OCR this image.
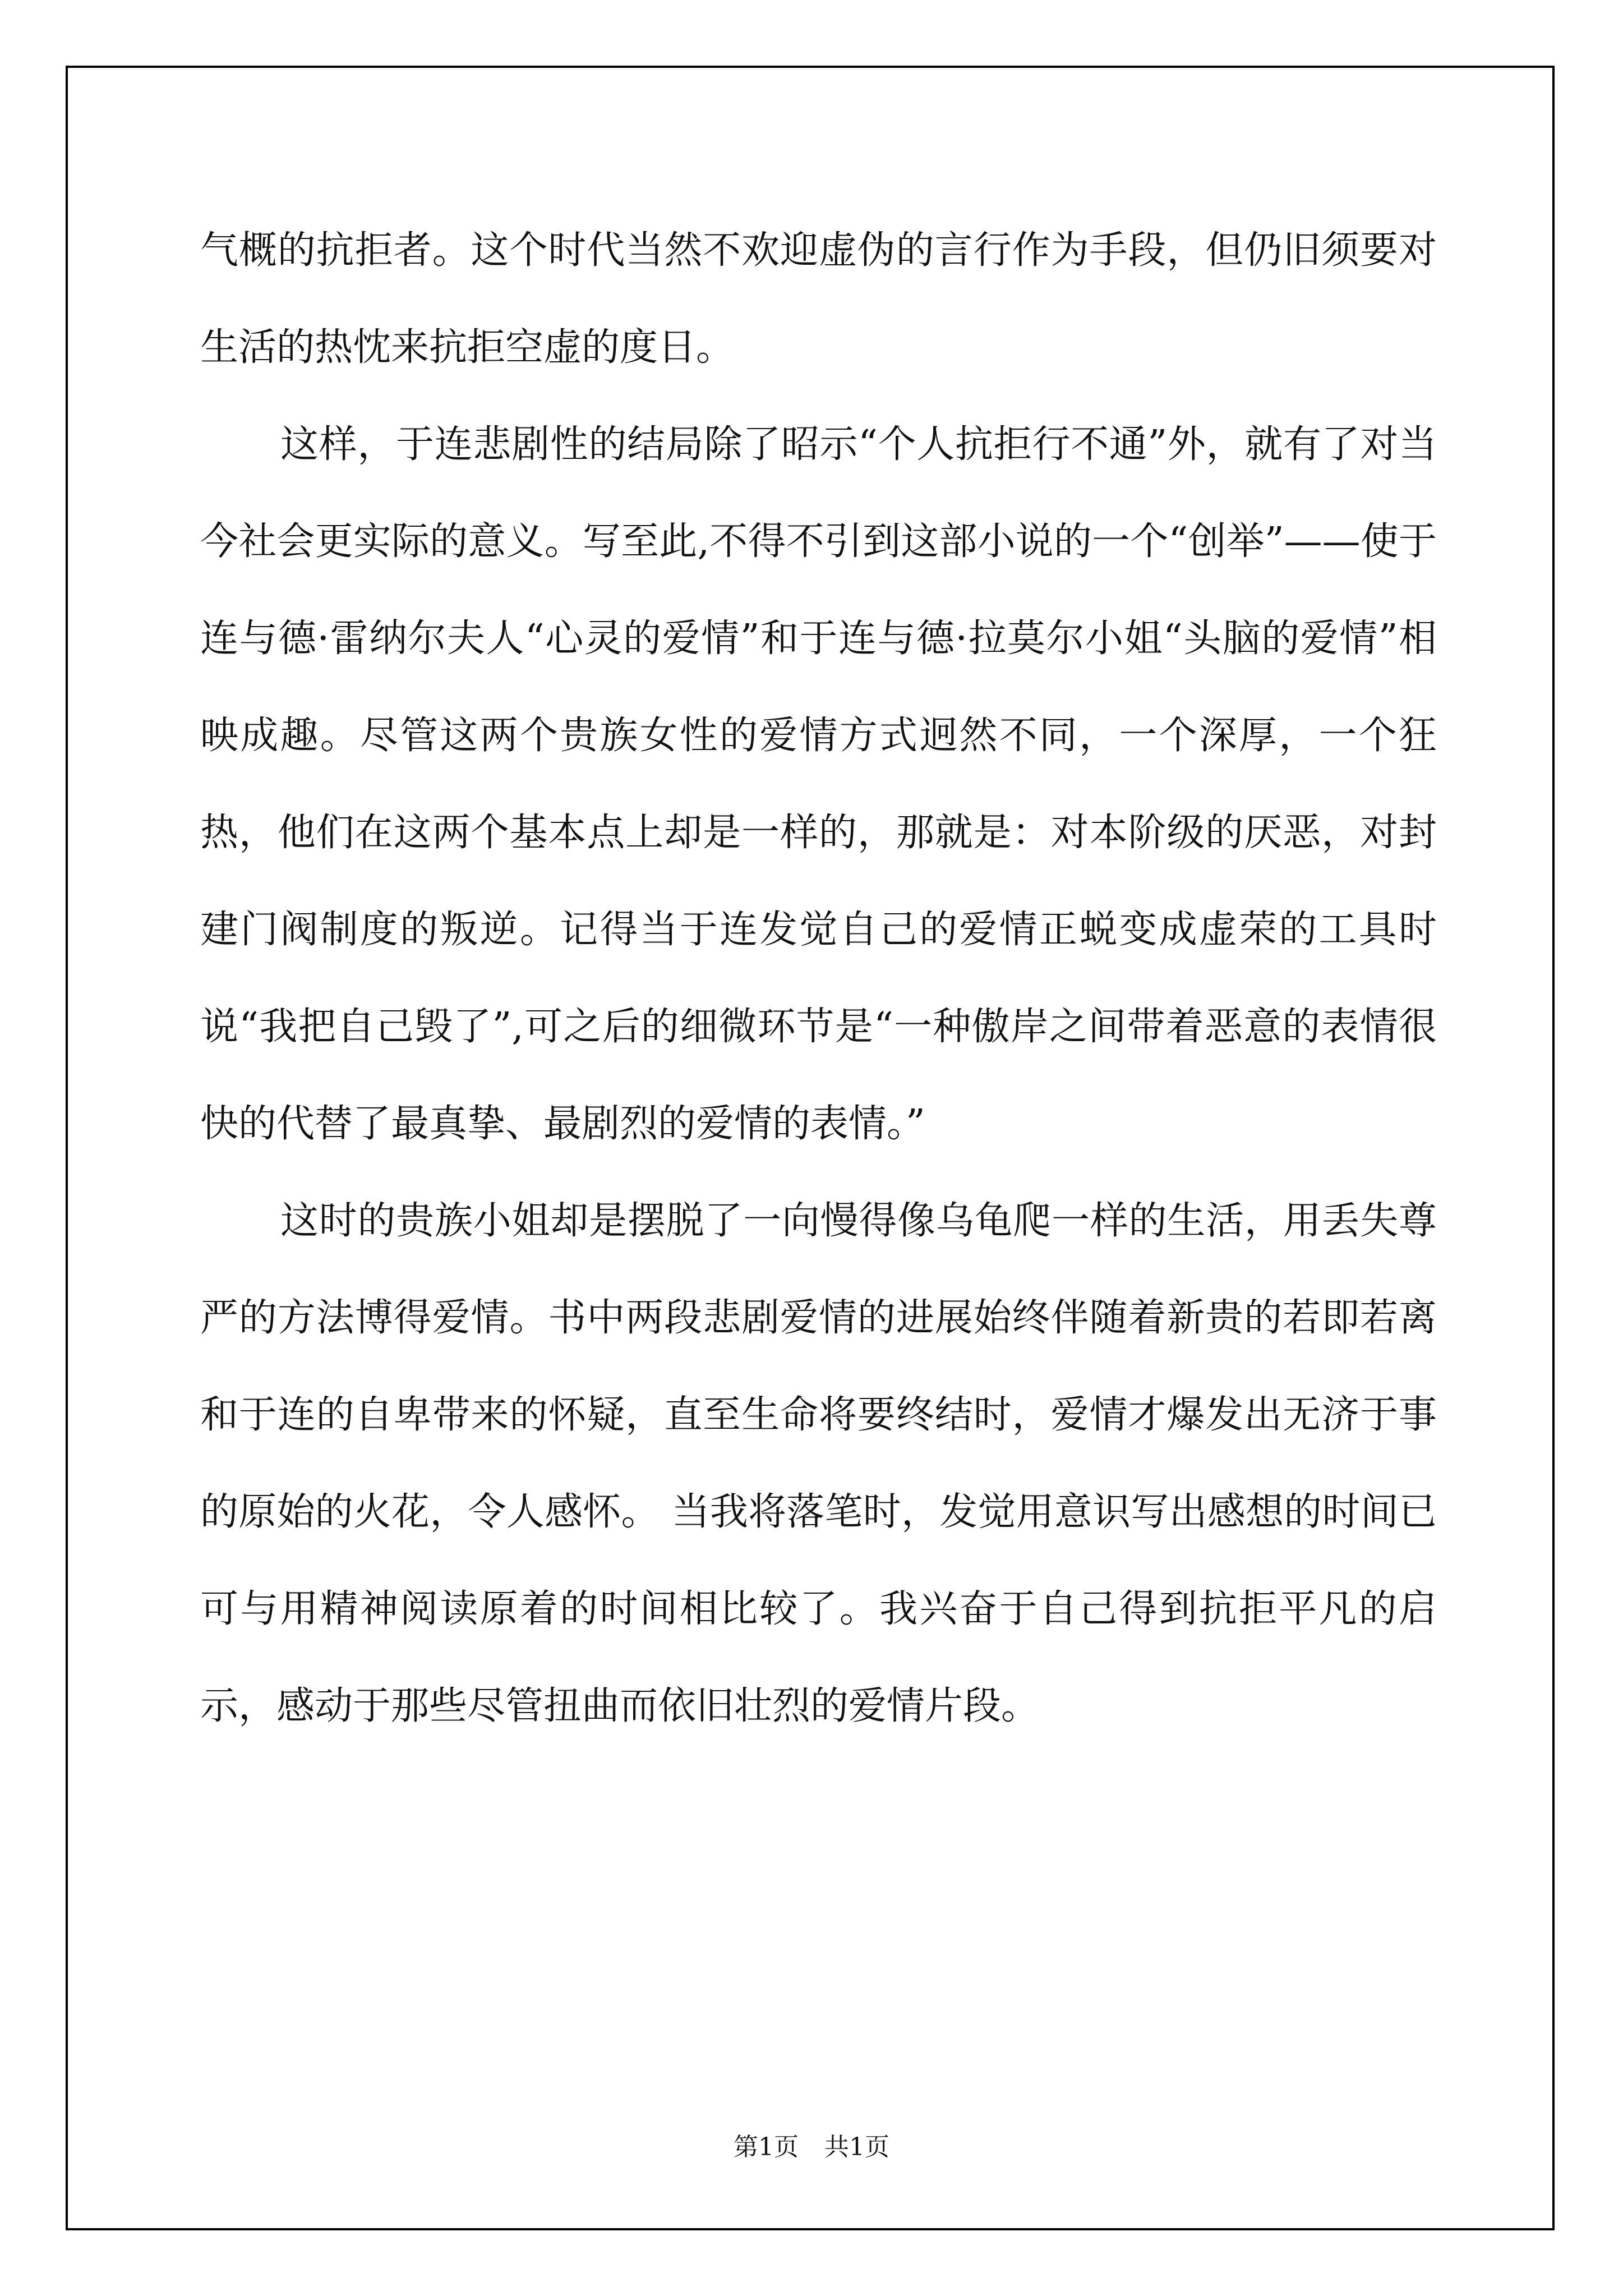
气概的抗拒者。这个时代当然不欢迎虚伪的言行作为手段，但仍旧须要对生活的热忱来抗拒空虚的度日。

这样，于连悲剧性的结局除了昭示“个人抗拒行不通”外，就有了对当今社会更实际的意义。写至此,不得不引到这部小说的一个“创举”——使于连与德·雷纳尔夫人“心灵的爱情”和于连与德·拉莫尔小姐“头脑的爱情”相映成趣。尽管这两个贵族女性的爱情方式迥然不同，一个深厚，一个狂热，他们在这两个基本点上却是一样的，那就是：对本阶级的厌恶，对封建门阀制度的叛逆。记得当于连发觉自己的爱情正蜕变成虚荣的工具时说“我把自己毁了”,可之后的细微环节是“一种傲岸之间带着恶意的表情很快的代替了最真挚、最剧烈的爱情的表情。”

这时的贵族小姐却是摆脱了一向慢得像乌龟爬一样的生活，用丢失尊严的方法博得爱情。书中两段悲剧爱情的进展始终伴随着新贵的若即若离和于连的自卑带来的怀疑，直至生命将要终结时，爱情才爆发出无济于事的原始的火花，令人感怀。 当我将落笔时，发觉用意识写出感想的时间已可与用精神阅读原着的时间相比较了。我兴奋于自己得到抗拒平凡的启示，感动于那些尽管扭曲而依旧壮烈的爱情片段。

第1页 共1页
